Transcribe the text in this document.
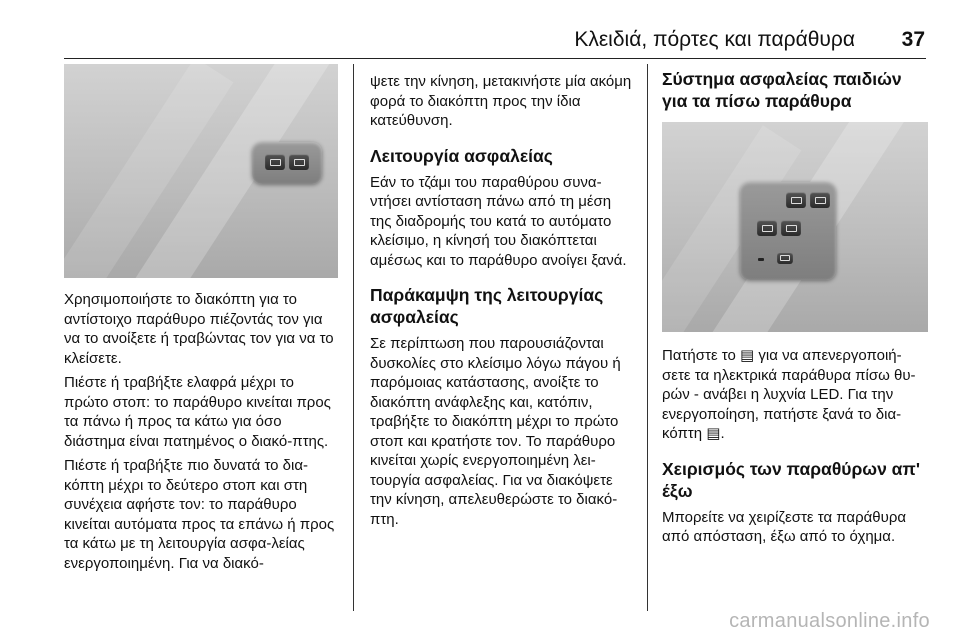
Κλειδιά, πόρτες και παράθυρα	37

Χρησιμοποιήστε το διακόπτη για το αντίστοιχο παράθυρο πιέζοντάς τον για να το ανοίξετε ή τραβώντας τον για να το κλείσετε.

Πιέστε ή τραβήξτε ελαφρά μέχρι το πρώτο στοπ: το παράθυρο κινείται προς τα πάνω ή προς τα κάτω για όσο διάστημα είναι πατημένος ο διακό-πτης.

Πιέστε ή τραβήξτε πιο δυνατά το δια-κόπτη μέχρι το δεύτερο στοπ και στη συνέχεια αφήστε τον: το παράθυρο κινείται αυτόματα προς τα επάνω ή προς τα κάτω με τη λειτουργία ασφα-λείας ενεργοποιημένη. Για να διακό-

ψετε την κίνηση, μετακινήστε μία ακόμη φορά το διακόπτη προς την ίδια κατεύθυνση.

Λειτουργία ασφαλείας

Εάν το τζάμι του παραθύρου συνα-ντήσει αντίσταση πάνω από τη μέση της διαδρομής του κατά το αυτόματο κλείσιμο, η κίνησή του διακόπτεται αμέσως και το παράθυρο ανοίγει ξανά.

Παράκαμψη της λειτουργίας ασφαλείας

Σε περίπτωση που παρουσιάζονται δυσκολίες στο κλείσιμο λόγω πάγου ή παρόμοιας κατάστασης, ανοίξτε το διακόπτη ανάφλεξης και, κατόπιν, τραβήξτε το διακόπτη μέχρι το πρώτο στοπ και κρατήστε τον. Το παράθυρο κινείται χωρίς ενεργοποιημένη λει-τουργία ασφαλείας. Για να διακόψετε την κίνηση, απελευθερώστε το διακό-πτη.

Σύστημα ασφαλείας παιδιών για τα πίσω παράθυρα

Πατήστε το ▤ για να απενεργοποιή-σετε τα ηλεκτρικά παράθυρα πίσω θυ-ρών - ανάβει η λυχνία LED. Για την ενεργοποίηση, πατήστε ξανά το δια-κόπτη ▤.

Χειρισμός των παραθύρων απ' έξω

Μπορείτε να χειρίζεστε τα παράθυρα από απόσταση, έξω από το όχημα.

carmanualsonline.info
